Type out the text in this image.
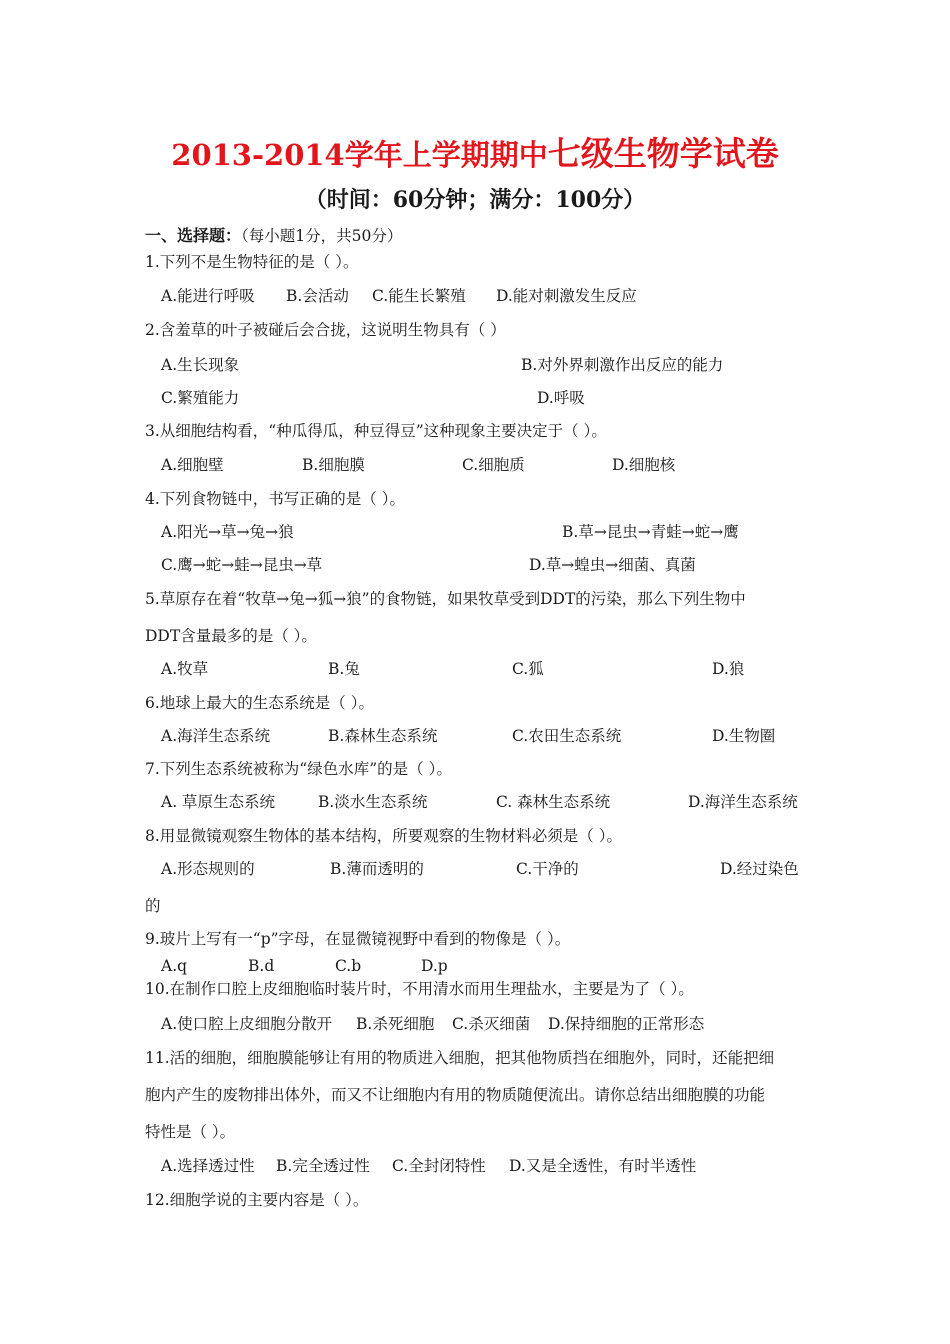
2013-2014学年上学期期中七级生物学试卷
（时间：60分钟；满分：100分）
一、选择题：（每小题1分，共50分）
1.下列不是生物特征的是（ ）。
A.能进行呼吸 B.会活动 C.能生长繁殖 D.能对刺激发生反应
2.含羞草的叶子被碰后会合拢，这说明生物具有（ ）
A.生长现象	B.对外界刺激作出反应的能力
C.繁殖能力	D.呼吸
3.从细胞结构看，“种瓜得瓜，种豆得豆”这种现象主要决定于（ ）。
A.细胞壁	B.细胞膜	C.细胞质	D.细胞核
4.下列食物链中，书写正确的是（ ）。
A.阳光→草→兔→狼	B.草→昆虫→青蛙→蛇→鹰
C.鹰→蛇→蛙→昆虫→草	D.草→蝗虫→细菌、真菌
5.草原存在着“牧草→兔→狐→狼”的食物链，如果牧草受到DDT的污染，那么下列生物中
DDT含量最多的是（ ）。
A.牧草	B.兔	C.狐	D.狼
6.地球上最大的生态系统是（ ）。
A.海洋生态系统	B.森林生态系统	C.农田生态系统	D.生物圈
7.下列生态系统被称为“绿色水库”的是（ ）。
A. 草原生态系统	B.淡水生态系统	C. 森林生态系统	D.海洋生态系统
8.用显微镜观察生物体的基本结构，所要观察的生物材料必须是（ ）。
A.形态规则的	B.薄而透明的	C.干净的	D.经过染色
的
9.玻片上写有一“p”字母，在显微镜视野中看到的物像是（ ）。
A.q	B.d	C.b	D.p
10.在制作口腔上皮细胞临时装片时，不用清水而用生理盐水，主要是为了（ ）。
A.使口腔上皮细胞分散开 B.杀死细胞 C.杀灭细菌 D.保持细胞的正常形态
11.活的细胞，细胞膜能够让有用的物质进入细胞，把其他物质挡在细胞外，同时，还能把细
胞内产生的废物排出体外，而又不让细胞内有用的物质随便流出。请你总结出细胞膜的功能
特性是（ ）。
A.选择透过性 B.完全透过性 C.全封闭特性 D.又是全透性，有时半透性
12.细胞学说的主要内容是（ ）。
